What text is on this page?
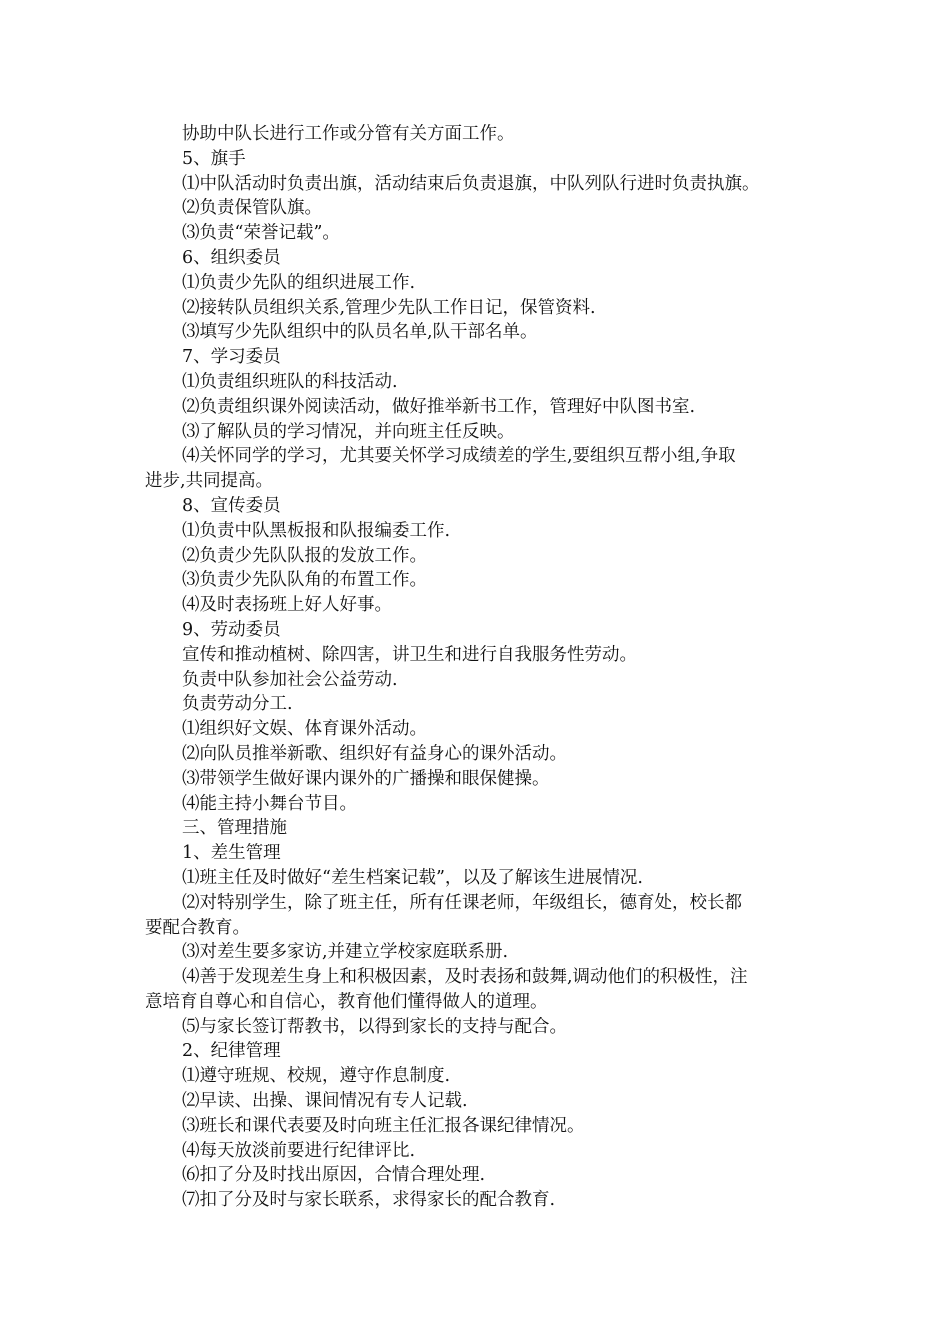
协助中队长进行工作或分管有关方面工作。
5、旗手
⑴中队活动时负责出旗，活动结束后负责退旗，中队列队行进时负责执旗。
⑵负责保管队旗。
⑶负责“荣誉记载”。
6、组织委员
⑴负责少先队的组织进展工作.
⑵接转队员组织关系,管理少先队工作日记，保管资料.
⑶填写少先队组织中的队员名单,队干部名单。
7、学习委员
⑴负责组织班队的科技活动.
⑵负责组织课外阅读活动，做好推举新书工作，管理好中队图书室.
⑶了解队员的学习情况，并向班主任反映。
⑷关怀同学的学习，尤其要关怀学习成绩差的学生,要组织互帮小组,争取
进步,共同提高。
8、宣传委员
⑴负责中队黑板报和队报编委工作.
⑵负责少先队队报的发放工作。
⑶负责少先队队角的布置工作。
⑷及时表扬班上好人好事。
9、劳动委员
宣传和推动植树、除四害，讲卫生和进行自我服务性劳动。
负责中队参加社会公益劳动.
负责劳动分工.
⑴组织好文娱、体育课外活动。
⑵向队员推举新歌、组织好有益身心的课外活动。
⑶带领学生做好课内课外的广播操和眼保健操。
⑷能主持小舞台节目。
三、管理措施
1、差生管理
⑴班主任及时做好“差生档案记载”，以及了解该生进展情况.
⑵对特别学生，除了班主任，所有任课老师，年级组长，德育处，校长都
要配合教育。
⑶对差生要多家访,并建立学校家庭联系册.
⑷善于发现差生身上和积极因素，及时表扬和鼓舞,调动他们的积极性，注
意培育自尊心和自信心，教育他们懂得做人的道理。
⑸与家长签订帮教书，以得到家长的支持与配合。
2、纪律管理
⑴遵守班规、校规，遵守作息制度.
⑵早读、出操、课间情况有专人记载.
⑶班长和课代表要及时向班主任汇报各课纪律情况。
⑷每天放淡前要进行纪律评比.
⑹扣了分及时找出原因，合情合理处理.
⑺扣了分及时与家长联系，求得家长的配合教育.
